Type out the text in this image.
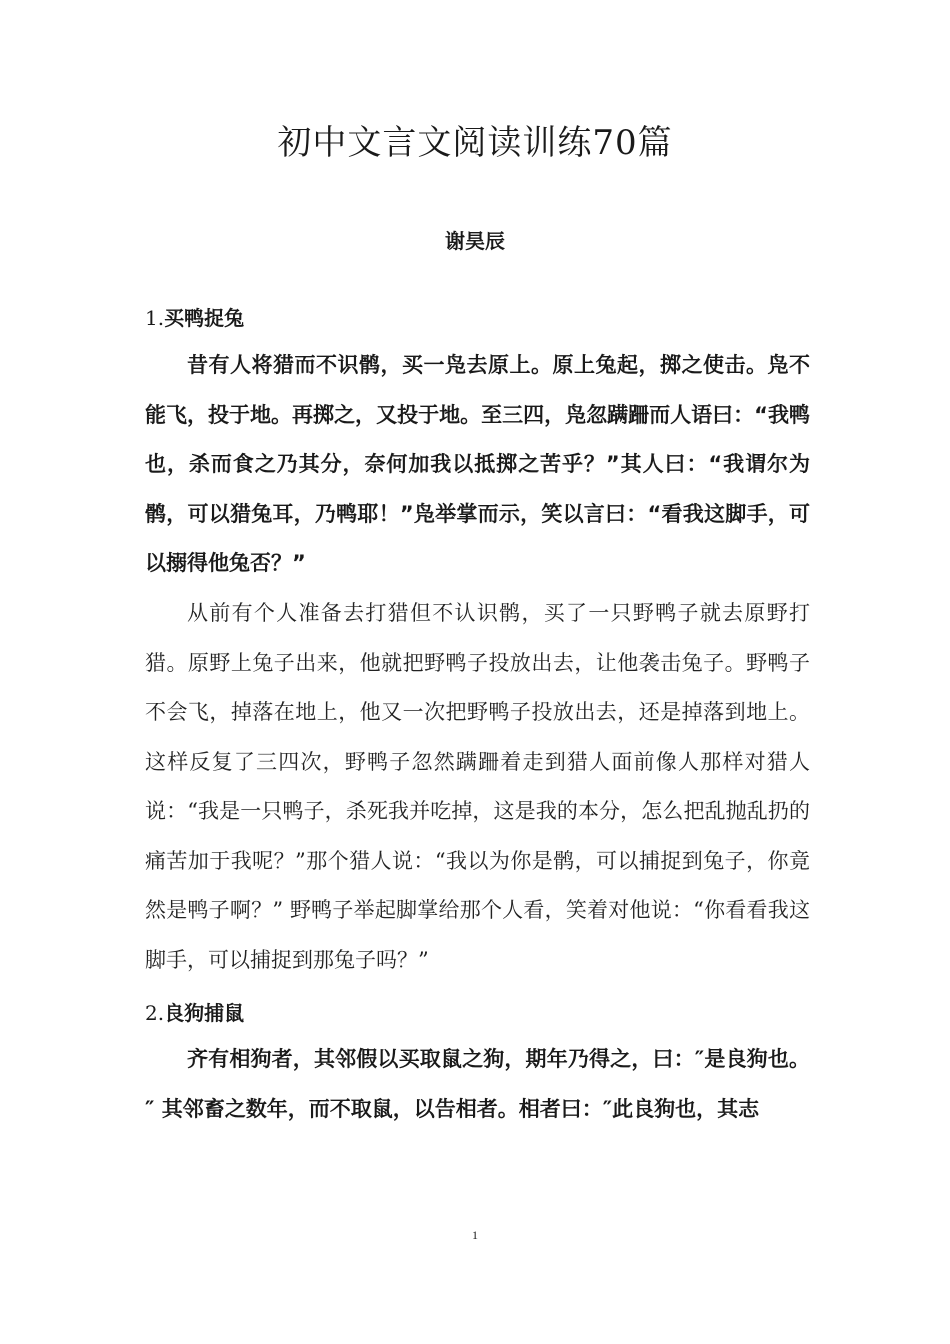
初中文言文阅读训练70篇

谢昊辰

1.买鸭捉兔

昔有人将猎而不识鹘，买一凫去原上。原上兔起，掷之使击。凫不能飞，投于地。再掷之，又投于地。至三四，凫忽蹒跚而人语曰：“我鸭也，杀而食之乃其分，奈何加我以抵掷之苦乎？”其人曰：“我谓尔为鹘，可以猎兔耳，乃鸭耶！”凫举掌而示，笑以言曰：“看我这脚手，可以搦得他兔否？”

从前有个人准备去打猎但不认识鹘，买了一只野鸭子就去原野打猎。原野上兔子出来，他就把野鸭子投放出去，让他袭击兔子。野鸭子不会飞，掉落在地上，他又一次把野鸭子投放出去，还是掉落到地上。这样反复了三四次，野鸭子忽然蹒跚着走到猎人面前像人那样对猎人说：“我是一只鸭子，杀死我并吃掉，这是我的本分，怎么把乱抛乱扔的痛苦加于我呢？”那个猎人说：“我以为你是鹘，可以捕捉到兔子，你竟然是鸭子啊？” 野鸭子举起脚掌给那个人看，笑着对他说：“你看看我这脚手，可以捕捉到那兔子吗？”

2.良狗捕鼠

齐有相狗者，其邻假以买取鼠之狗，期年乃得之，曰：″是良狗也。″ 其邻畜之数年，而不取鼠，以告相者。相者曰：″此良狗也，其志

1
